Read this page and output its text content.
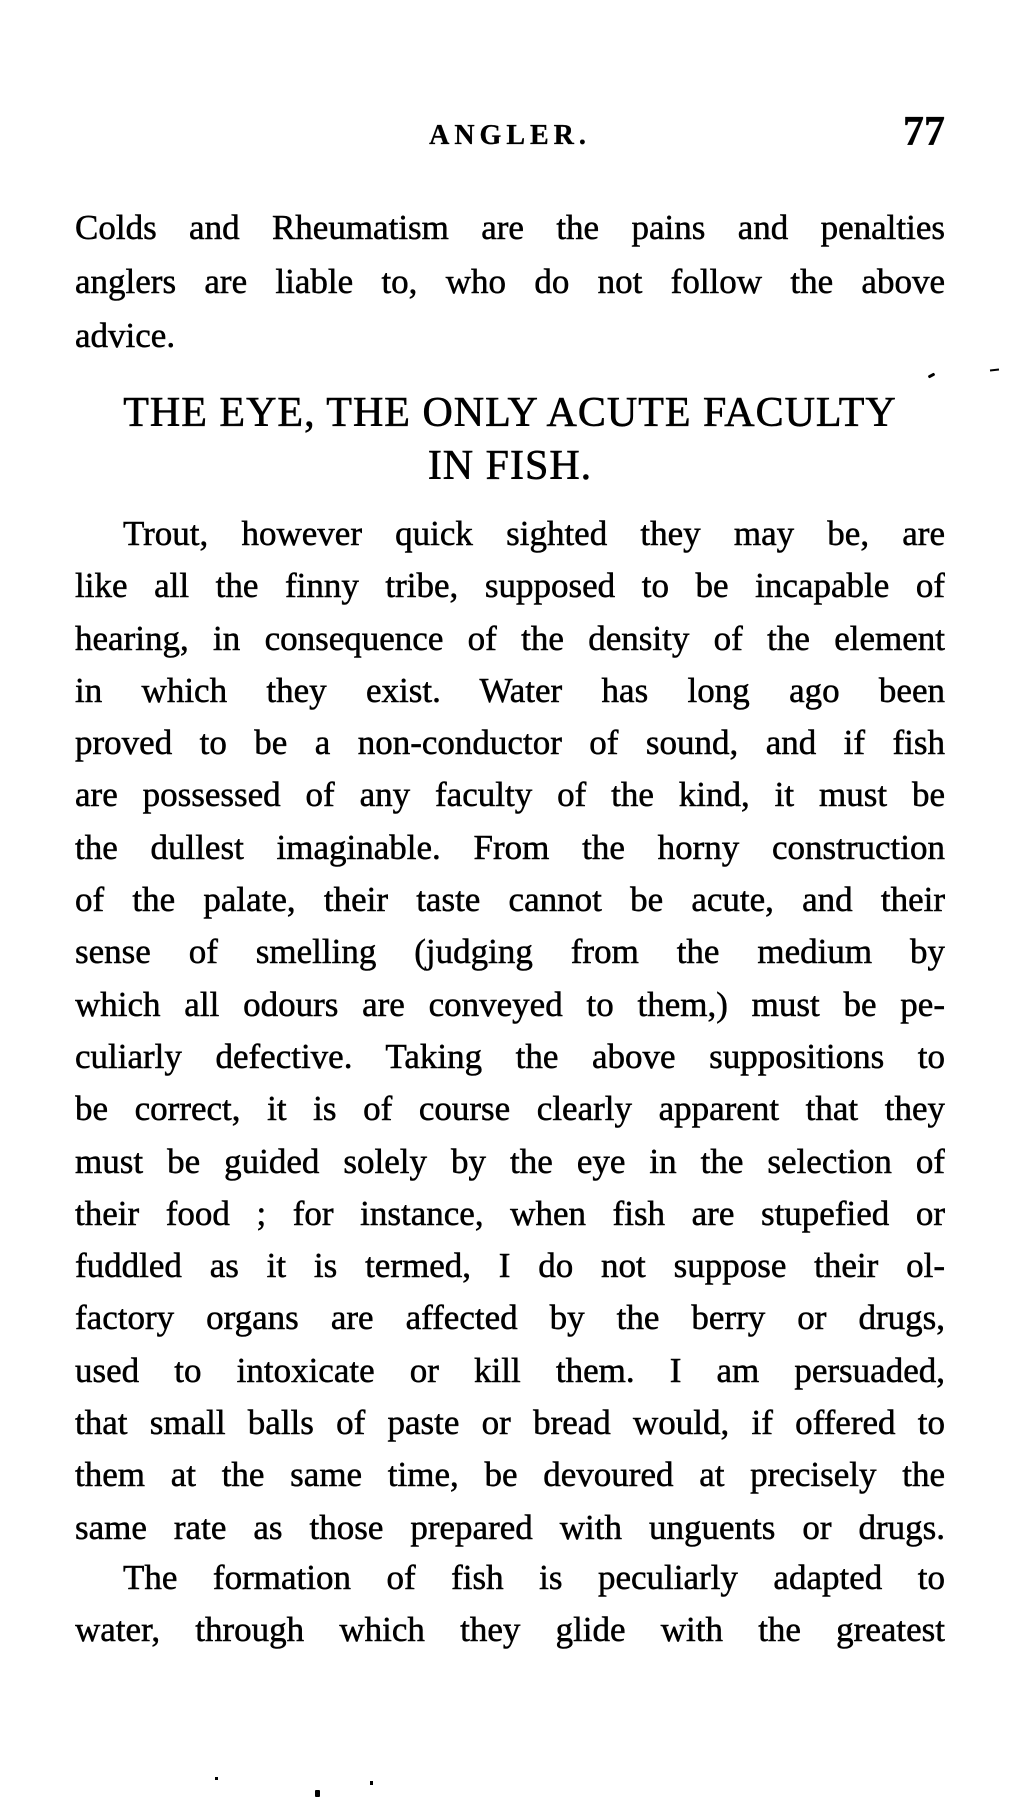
ANGLER.	77
Colds and Rheumatism are the pains and penalties
anglers are liable to, who do not follow the above
advice.
THE EYE, THE ONLY ACUTE FACULTY
IN FISH.
Trout, however quick sighted they may be, are
like all the finny tribe, supposed to be incapable of
hearing, in consequence of the density of the element
in which they exist. Water has long ago been
proved to be a non-conductor of sound, and if fish
are possessed of any faculty of the kind, it must be
the dullest imaginable. From the horny construction
of the palate, their taste cannot be acute, and their
sense of smelling (judging from the medium by
which all odours are conveyed to them,) must be pe-
culiarly defective. Taking the above suppositions to
be correct, it is of course clearly apparent that they
must be guided solely by the eye in the selection of
their food ; for instance, when fish are stupefied or
fuddled as it is termed, I do not suppose their ol-
factory organs are affected by the berry or drugs,
used to intoxicate or kill them. I am persuaded,
that small balls of paste or bread would, if offered to
them at the same time, be devoured at precisely the
same rate as those prepared with unguents or drugs.
The formation of fish is peculiarly adapted to
water, through which they glide with the greatest
